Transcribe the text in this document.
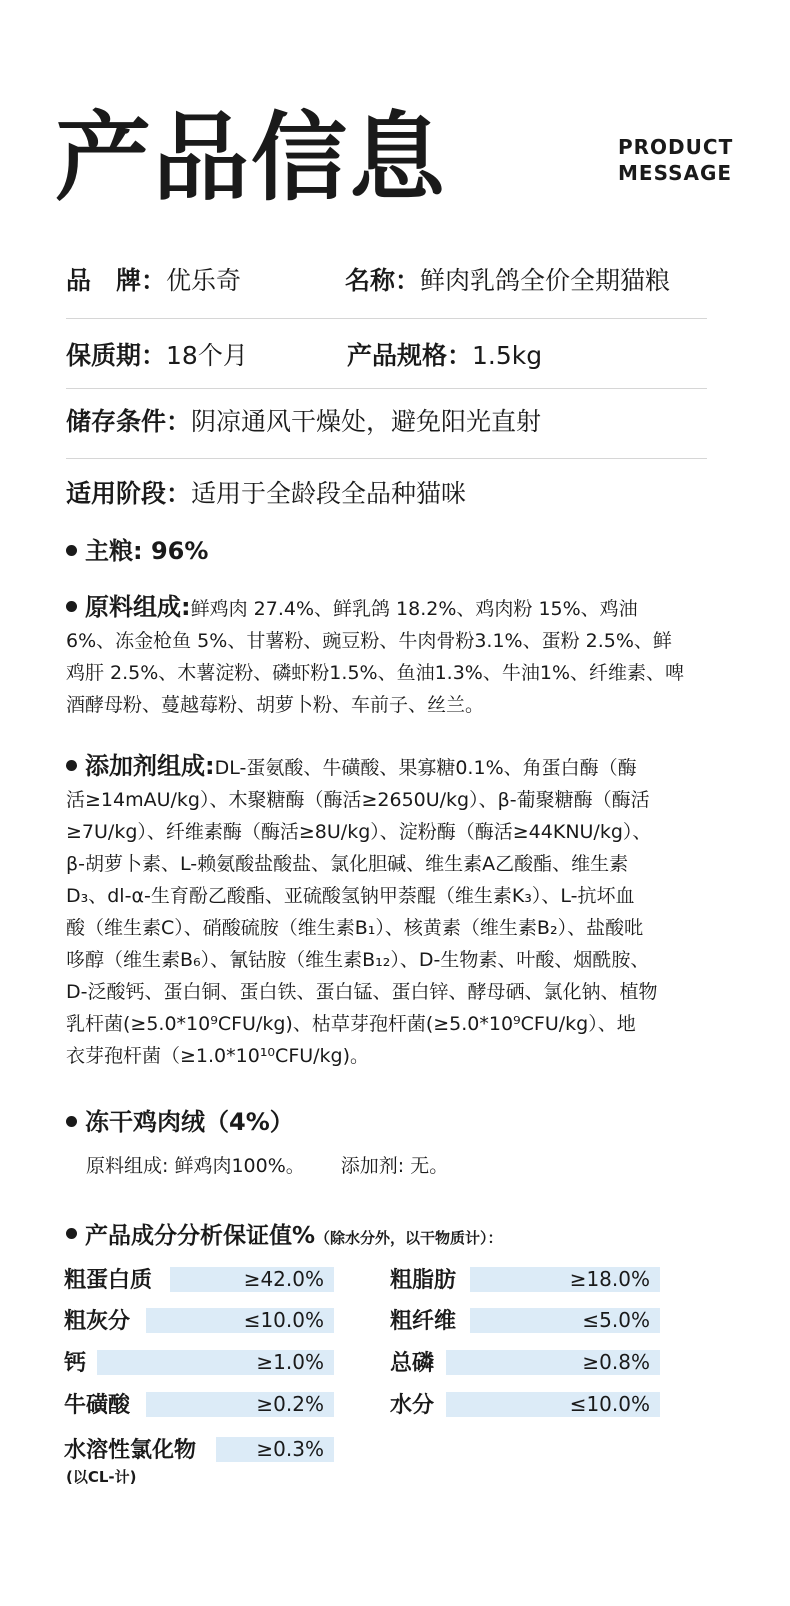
产品信息	PRODUCT
MESSAGE
品　牌：优乐奇	名称：鲜肉乳鸽全价全期猫粮
保质期：18个月	产品规格：1.5kg
储存条件：阴凉通风干燥处，避免阳光直射
适用阶段：适用于全龄段全品种猫咪
主粮: 96%
原料组成:鲜鸡肉 27.4%、鲜乳鸽 18.2%、鸡肉粉 15%、鸡油
6%、冻金枪鱼 5%、甘薯粉、豌豆粉、牛肉骨粉3.1%、蛋粉 2.5%、鲜
鸡肝 2.5%、木薯淀粉、磷虾粉1.5%、鱼油1.3%、牛油1%、纤维素、啤
酒酵母粉、蔓越莓粉、胡萝卜粉、车前子、丝兰。
添加剂组成:DL-蛋氨酸、牛磺酸、果寡糖0.1%、角蛋白酶（酶
活≥14mAU/kg）、木聚糖酶（酶活≥2650U/kg）、β-葡聚糖酶（酶活
≥7U/kg）、纤维素酶（酶活≥8U/kg）、淀粉酶（酶活≥44KNU/kg）、
β-胡萝卜素、L-赖氨酸盐酸盐、氯化胆碱、维生素A乙酸酯、维生素
D₃、dl-α-生育酚乙酸酯、亚硫酸氢钠甲萘醌（维生素K₃）、L-抗坏血
酸（维生素C）、硝酸硫胺（维生素B₁）、核黄素（维生素B₂）、盐酸吡
哆醇（维生素B₆）、氰钴胺（维生素B₁₂）、D-生物素、叶酸、烟酰胺、
D-泛酸钙、蛋白铜、蛋白铁、蛋白锰、蛋白锌、酵母硒、氯化钠、植物
乳杆菌(≥5.0*10⁹CFU/kg)、枯草芽孢杆菌(≥5.0*10⁹CFU/kg）、地
衣芽孢杆菌（≥1.0*10¹⁰CFU/kg)。
冻干鸡肉绒（4%）
原料组成: 鲜鸡肉100%。 添加剂: 无。
产品成分分析保证值%（除水分外，以干物质计）：
粗蛋白质	≥42.0%	粗脂肪	≥18.0%
粗灰分	≤10.0%	粗纤维	≤5.0%
钙	≥1.0%	总磷	≥0.8%
牛磺酸	≥0.2%	水分	≤10.0%
水溶性氯化物	≥0.3%
(以CL-计)
